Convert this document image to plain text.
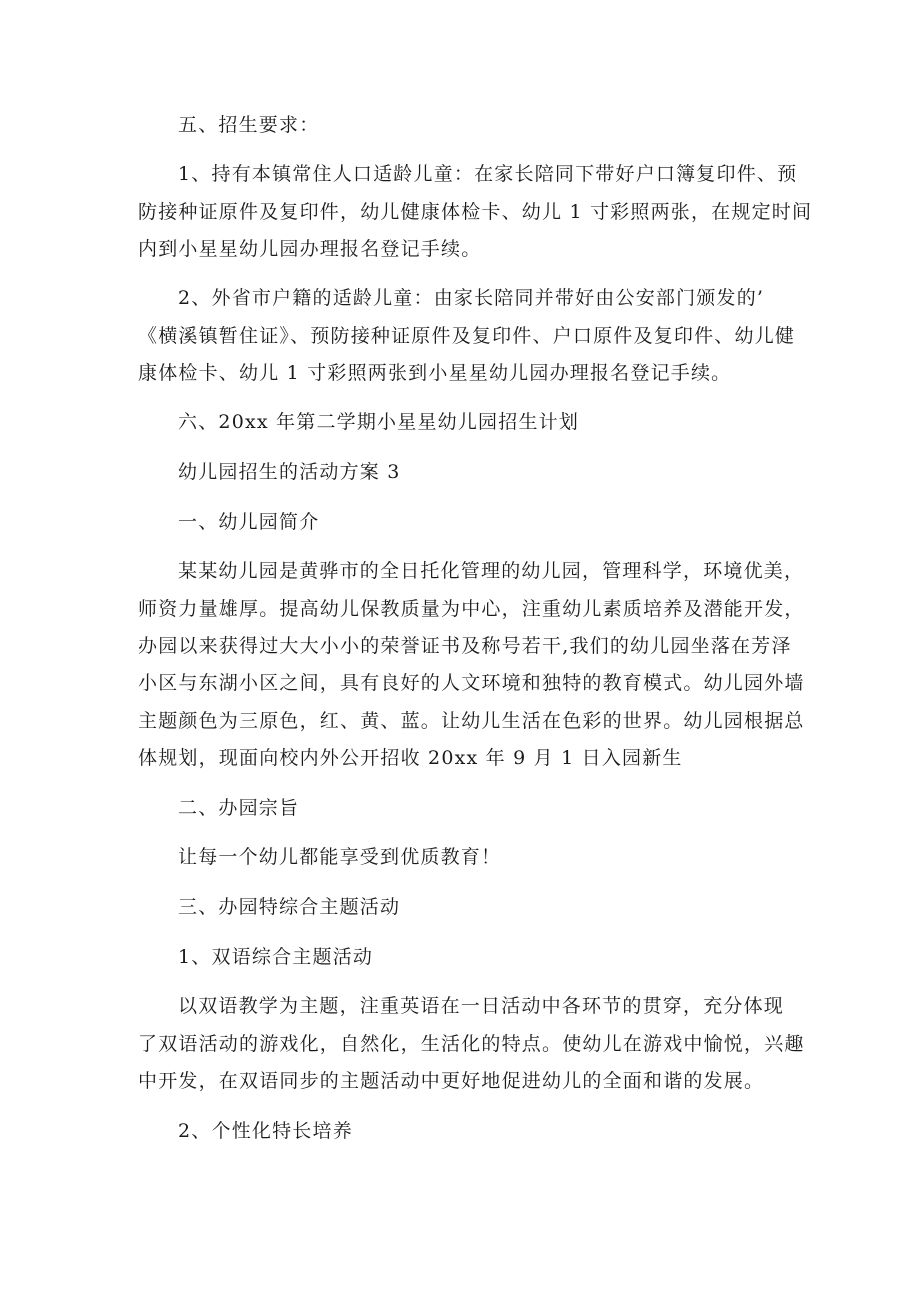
五、招生要求：
1、持有本镇常住人口适龄儿童：在家长陪同下带好户口簿复印件、预
防接种证原件及复印件，幼儿健康体检卡、幼儿 1 寸彩照两张，在规定时间
内到小星星幼儿园办理报名登记手续。
2、外省市户籍的适龄儿童：由家长陪同并带好由公安部门颁发的’
《横溪镇暂住证》、预防接种证原件及复印件、户口原件及复印件、幼儿健
康体检卡、幼儿 1 寸彩照两张到小星星幼儿园办理报名登记手续。
六、20xx 年第二学期小星星幼儿园招生计划
幼儿园招生的活动方案 3
一、幼儿园简介
某某幼儿园是黄骅市的全日托化管理的幼儿园，管理科学，环境优美，
师资力量雄厚。提高幼儿保教质量为中心，注重幼儿素质培养及潜能开发，
办园以来获得过大大小小的荣誉证书及称号若干,我们的幼儿园坐落在芳泽
小区与东湖小区之间，具有良好的人文环境和独特的教育模式。幼儿园外墙
主题颜色为三原色，红、黄、蓝。让幼儿生活在色彩的世界。幼儿园根据总
体规划，现面向校内外公开招收 20xx 年 9 月 1 日入园新生
二、办园宗旨
让每一个幼儿都能享受到优质教育！
三、办园特综合主题活动
1、双语综合主题活动
以双语教学为主题，注重英语在一日活动中各环节的贯穿，充分体现
了双语活动的游戏化，自然化，生活化的特点。使幼儿在游戏中愉悦，兴趣
中开发，在双语同步的主题活动中更好地促进幼儿的全面和谐的发展。
2、个性化特长培养
